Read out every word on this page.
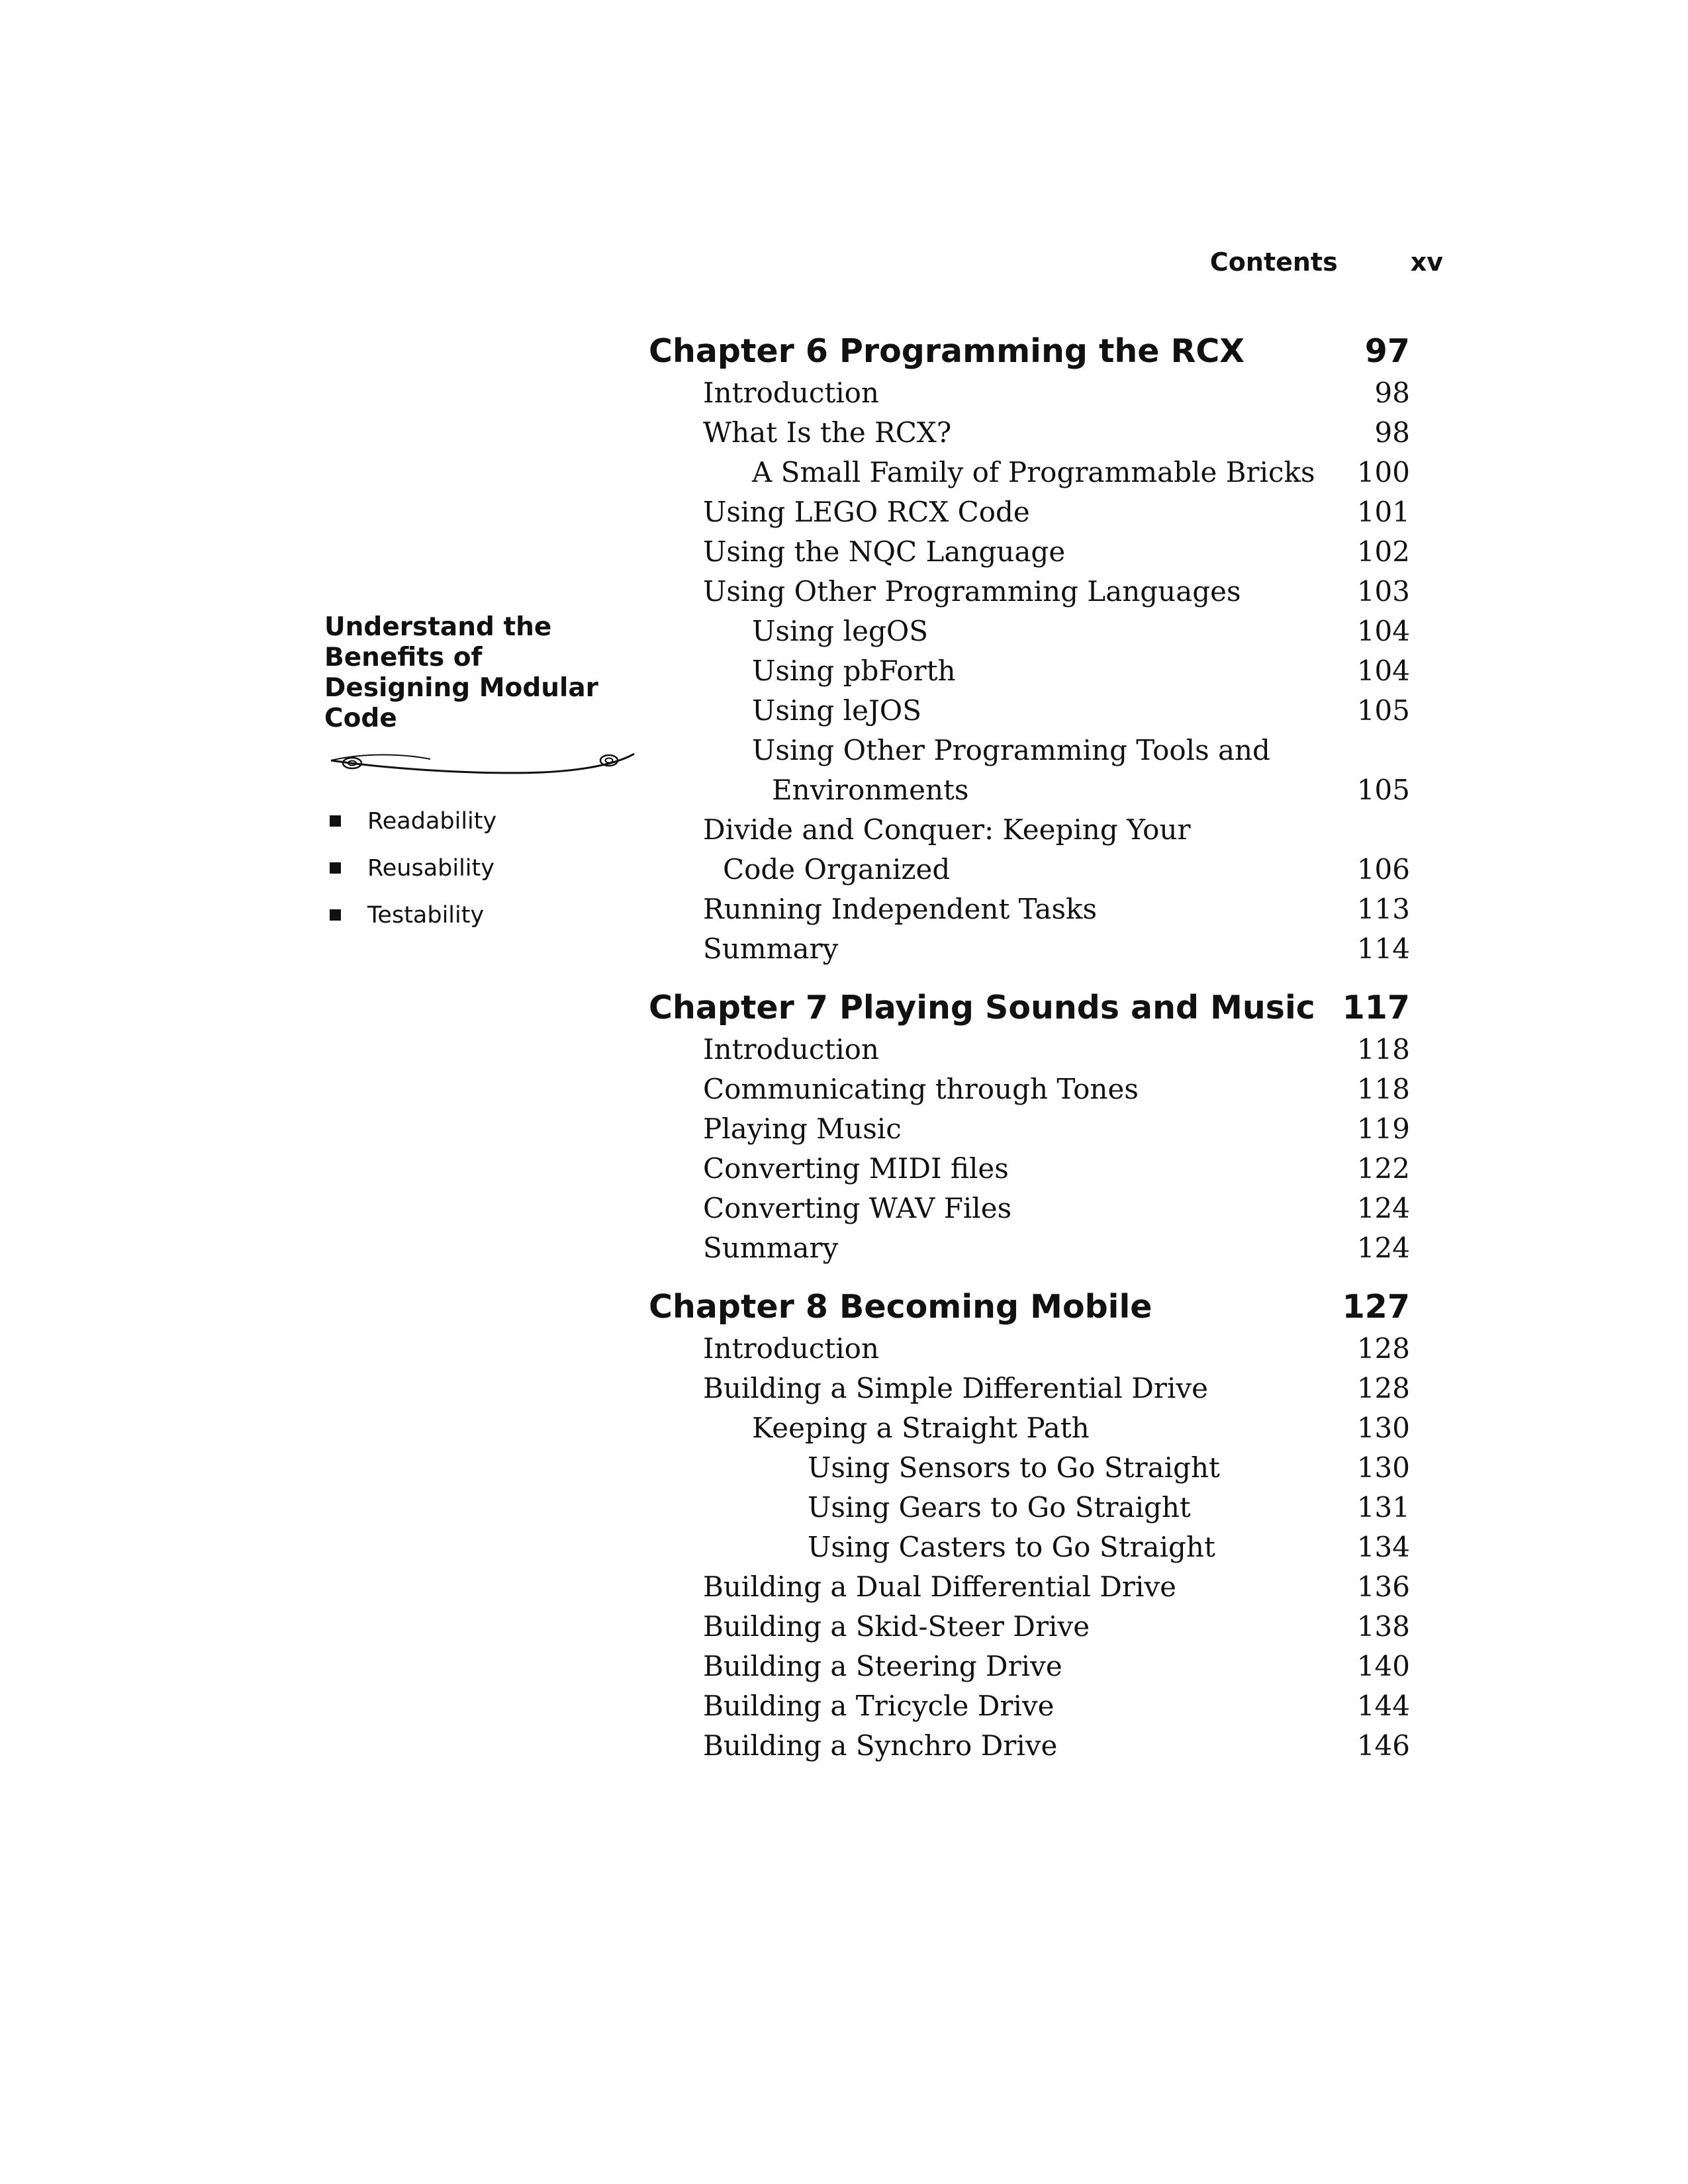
Contents	xv
Understand the Benefits of Designing Modular Code
Readability
Reusability
Testability
Chapter 6 Programming the RCX	97
Introduction	98
What Is the RCX?	98
A Small Family of Programmable Bricks	100
Using LEGO RCX Code	101
Using the NQC Language	102
Using Other Programming Languages	103
Using legOS	104
Using pbForth	104
Using leJOS	105
Using Other Programming Tools and
Environments	105
Divide and Conquer: Keeping Your
Code Organized	106
Running Independent Tasks	113
Summary	114
Chapter 7 Playing Sounds and Music 117
Introduction	118
Communicating through Tones	118
Playing Music	119
Converting MIDI files	122
Converting WAV Files	124
Summary	124
Chapter 8 Becoming Mobile	127
Introduction	128
Building a Simple Differential Drive	128
Keeping a Straight Path	130
Using Sensors to Go Straight	130
Using Gears to Go Straight	131
Using Casters to Go Straight	134
Building a Dual Differential Drive	136
Building a Skid-Steer Drive	138
Building a Steering Drive	140
Building a Tricycle Drive	144
Building a Synchro Drive	146
